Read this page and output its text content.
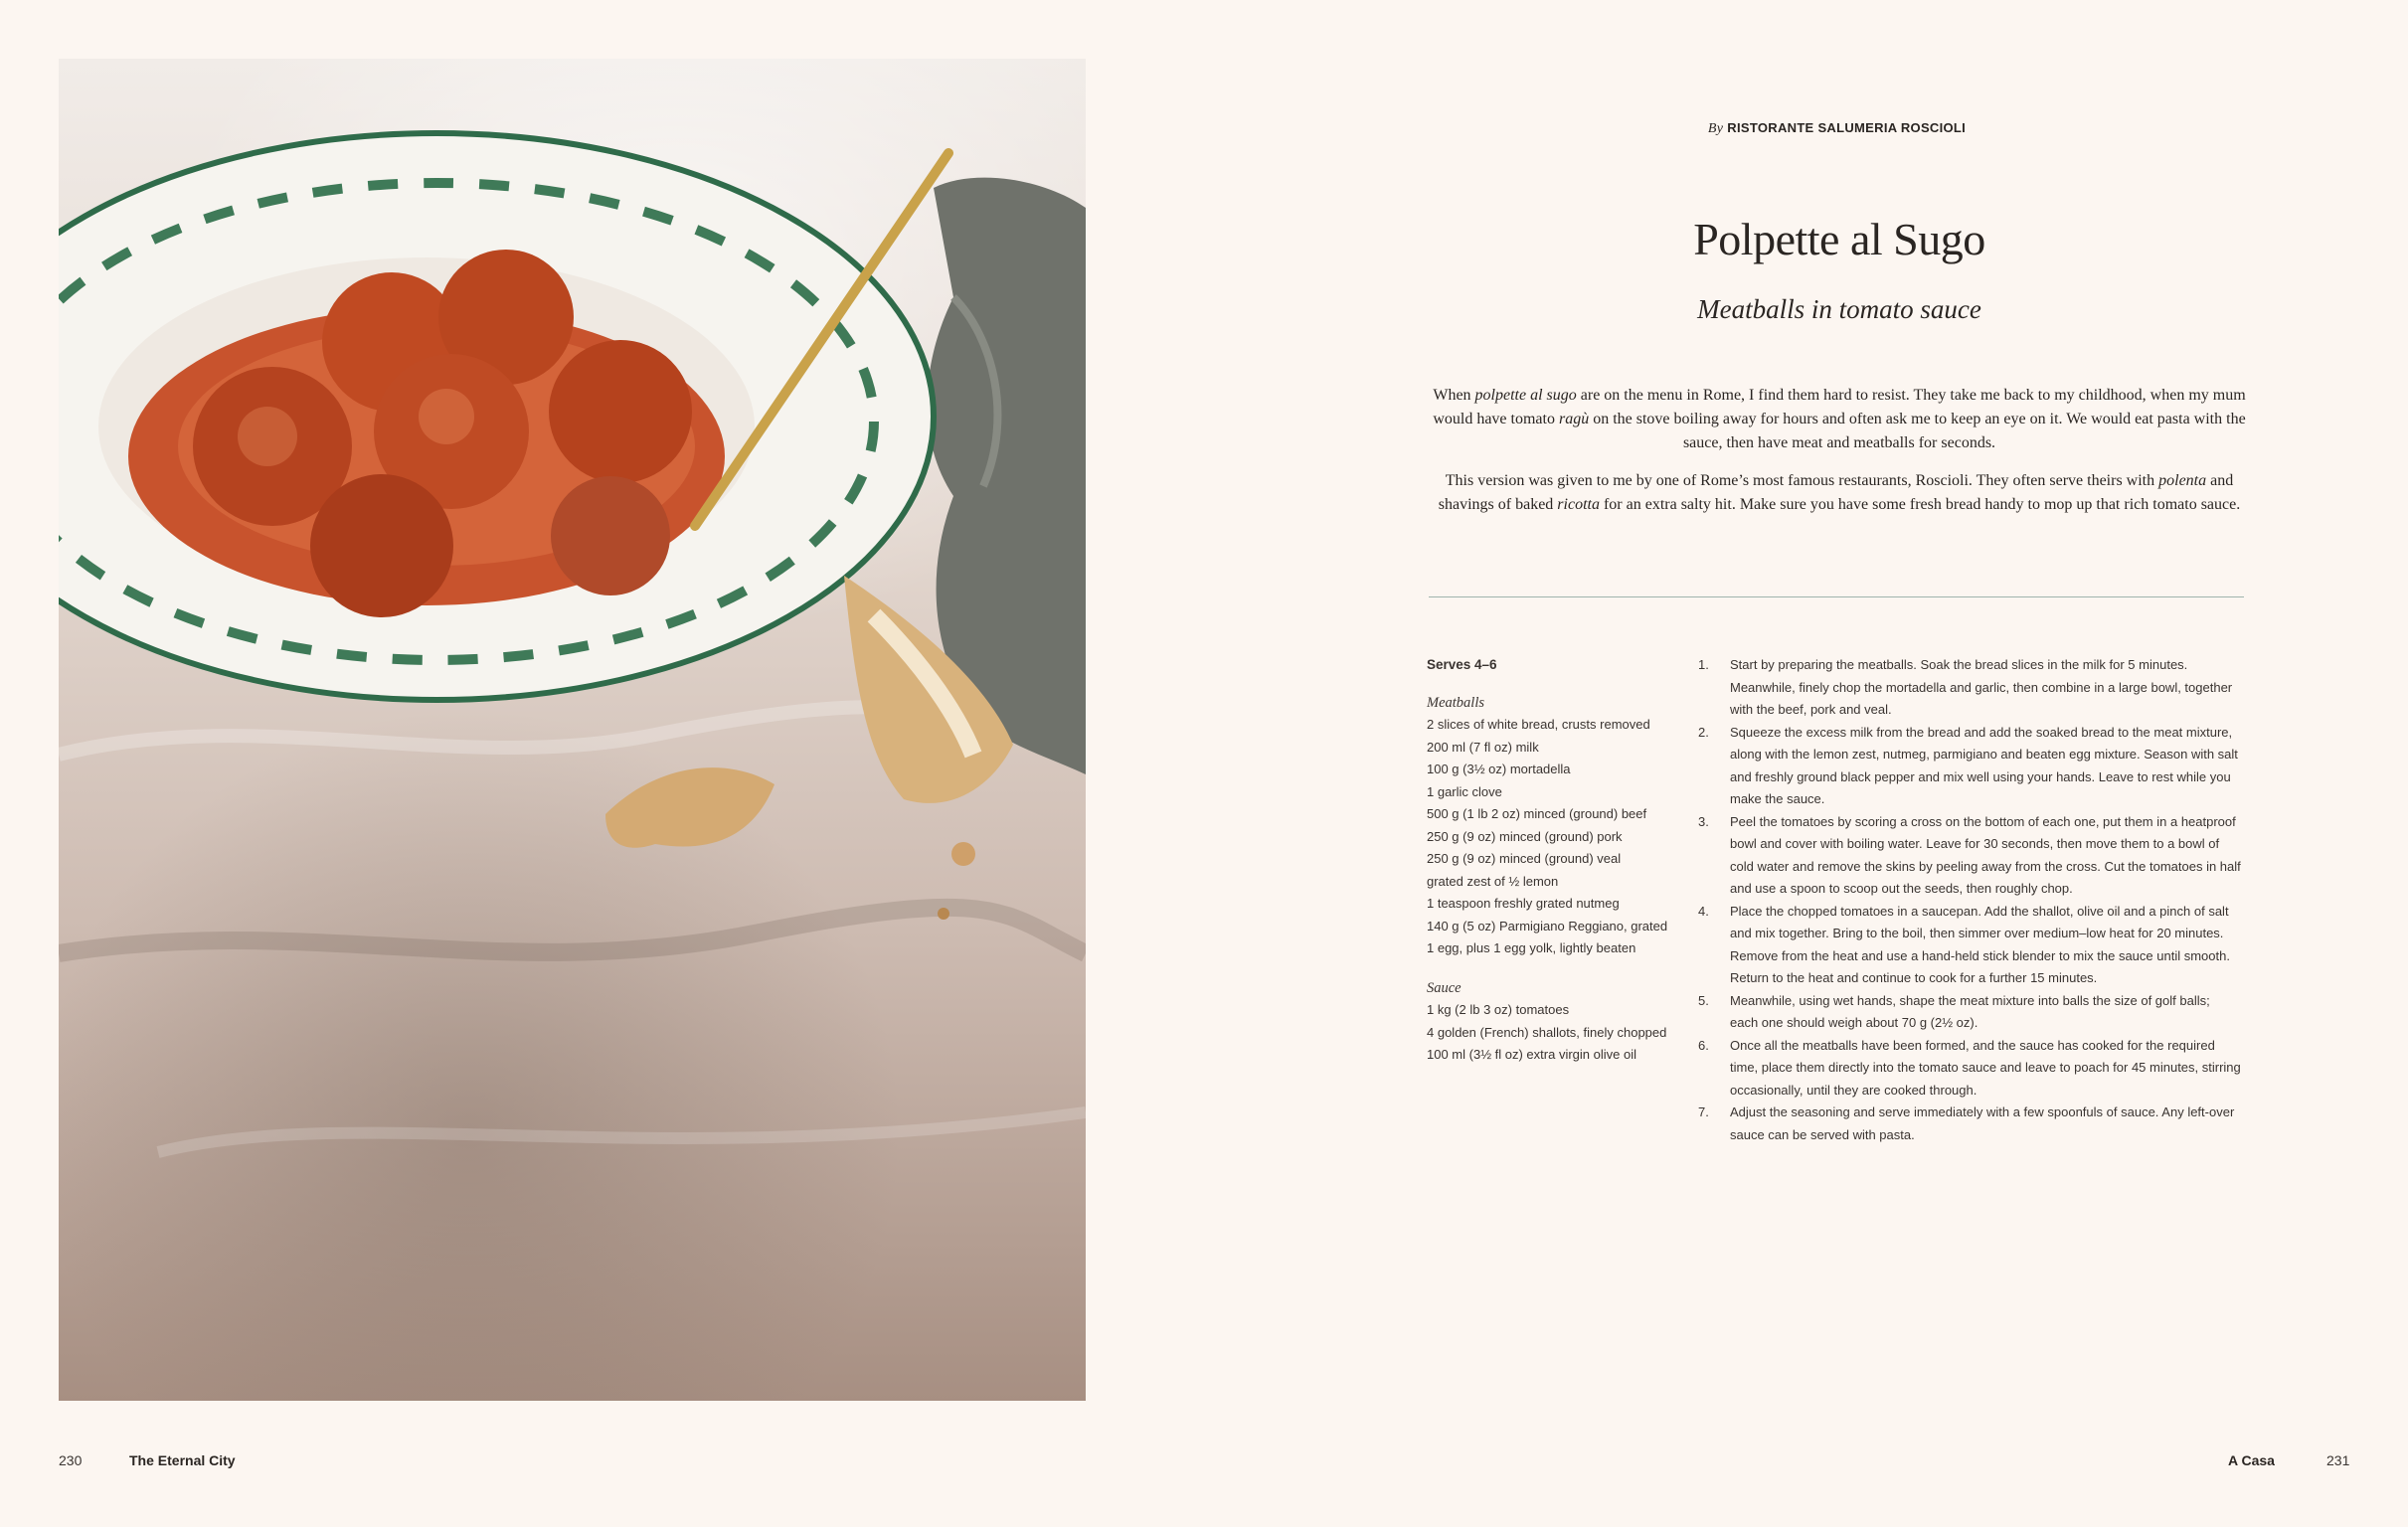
By RISTORANTE SALUMERIA ROSCIOLI
Polpette al Sugo
Meatballs in tomato sauce

When polpette al sugo are on the menu in Rome, I find them hard to resist. They take me back to my childhood, when my mum would have tomato ragù on the stove boiling away for hours and often ask me to keep an eye on it. We would eat pasta with the sauce, then have meat and meatballs for seconds.

This version was given to me by one of Rome’s most famous restaurants, Roscioli. They often serve theirs with polenta and shavings of baked ricotta for an extra salty hit. Make sure you have some fresh bread handy to mop up that rich tomato sauce.

Serves 4–6
Meatballs
2 slices of white bread, crusts removed
200 ml (7 fl oz) milk
100 g (3½ oz) mortadella
1 garlic clove
500 g (1 lb 2 oz) minced (ground) beef
250 g (9 oz) minced (ground) pork
250 g (9 oz) minced (ground) veal
grated zest of ½ lemon
1 teaspoon freshly grated nutmeg
140 g (5 oz) Parmigiano Reggiano, grated
1 egg, plus 1 egg yolk, lightly beaten
Sauce
1 kg (2 lb 3 oz) tomatoes
4 golden (French) shallots, finely chopped
100 ml (3½ fl oz) extra virgin olive oil
1. Start by preparing the meatballs. Soak the bread slices in the milk for 5 minutes. Meanwhile, finely chop the mortadella and garlic, then combine in a large bowl, together with the beef, pork and veal.
2. Squeeze the excess milk from the bread and add the soaked bread to the meat mixture, along with the lemon zest, nutmeg, parmigiano and beaten egg mixture. Season with salt and freshly ground black pepper and mix well using your hands. Leave to rest while you make the sauce.
3. Peel the tomatoes by scoring a cross on the bottom of each one, put them in a heatproof bowl and cover with boiling water. Leave for 30 seconds, then move them to a bowl of cold water and remove the skins by peeling away from the cross. Cut the tomatoes in half and use a spoon to scoop out the seeds, then roughly chop.
4. Place the chopped tomatoes in a saucepan. Add the shallot, olive oil and a pinch of salt and mix together. Bring to the boil, then simmer over medium–low heat for 20 minutes. Remove from the heat and use a hand-held stick blender to mix the sauce until smooth. Return to the heat and continue to cook for a further 15 minutes.
5. Meanwhile, using wet hands, shape the meat mixture into balls the size of golf balls; each one should weigh about 70 g (2½ oz).
6. Once all the meatballs have been formed, and the sauce has cooked for the required time, place them directly into the tomato sauce and leave to poach for 45 minutes, stirring occasionally, until they are cooked through.
7. Adjust the seasoning and serve immediately with a few spoonfuls of sauce. Any left-over sauce can be served with pasta.
230	The Eternal City	A Casa	231
